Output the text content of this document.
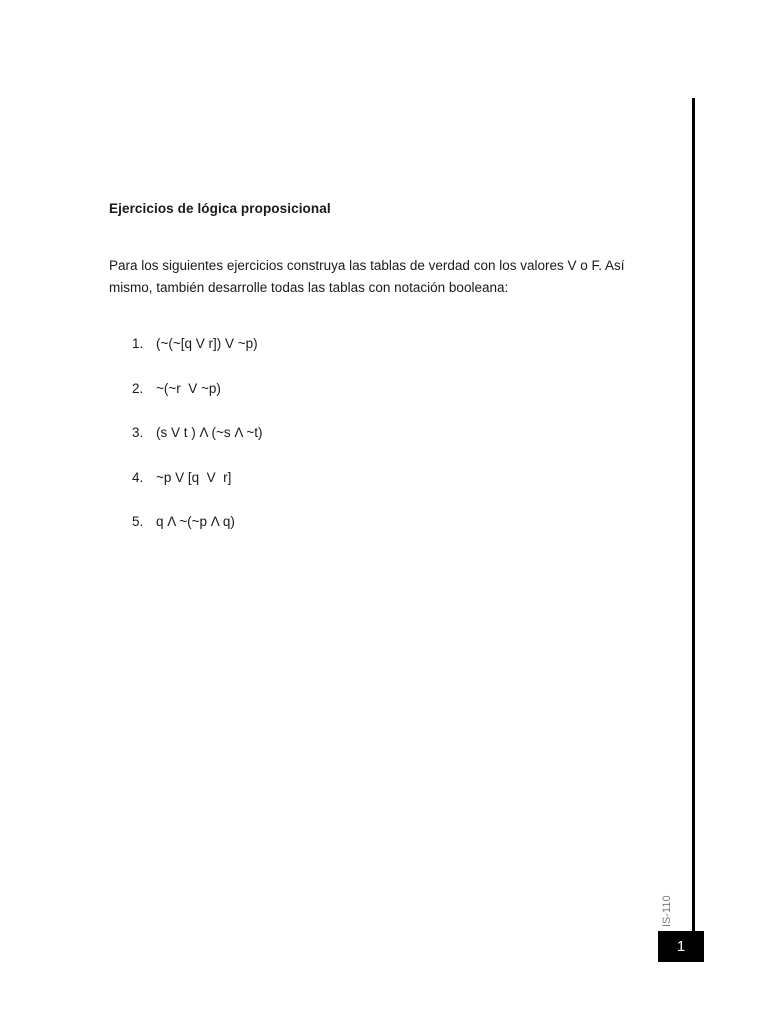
Ejercicios de lógica proposicional
Para los siguientes ejercicios construya las tablas de verdad con los valores V o F. Así mismo, también desarrolle todas las tablas con notación booleana:
1. (~(~[q V r]) V ~p)
2. ~(~r  V ~p)
3. (s V t ) Λ (~s Λ ~t)
4. ~p V [q  V  r]
5. q Λ ~(~p Λ q)
IS-110
1
